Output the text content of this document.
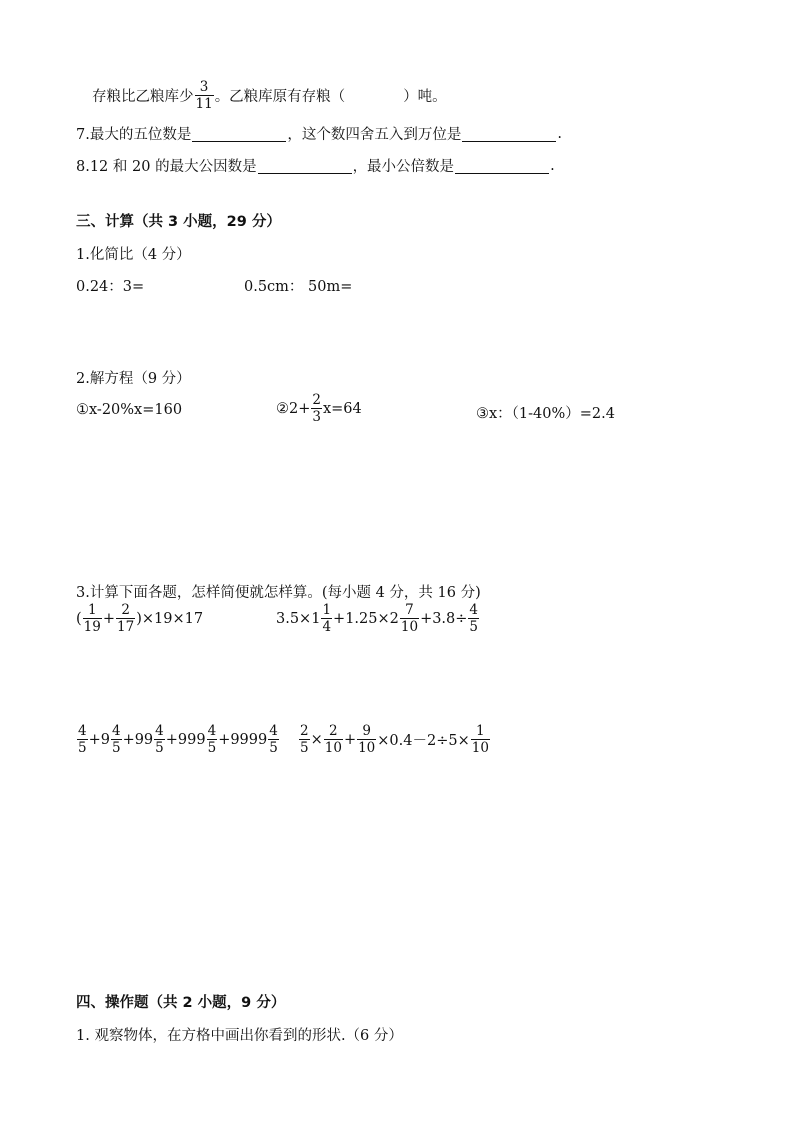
存粮比乙粮库少 $\frac{3}{11}$ 。乙粮库原有存粮（	）吨。
7.最大的五位数是	，这个数四舍五入到万位是	.
8.12 和 20 的最大公因数是	，最小公倍数是	.
三、计算（共 3 小题，29 分）
1.化简比（4 分）
0.24：3=	0.5cm： 50m=
2.解方程（9 分）
①x-20%x=160	②2+ $\frac{2}{3} x=64$	③x：（1-40%）=2.4
3.计算下面各题，怎样简便就怎样算。(每小题 4 分，共 16 分)
( $\frac{1}{19} + \frac{2}{17} )\times 19\times 17$	$3.5\times 1 \frac{1}{4} +1.25\times 2 \frac{7}{10} +3.8\div \frac{4}{5}$
$\frac{4}{5} +9 \frac{4}{5} +99 \frac{4}{5} +999 \frac{4}{5} +9999 \frac{4}{5} \frac{2}{5} \times \frac{2}{10} + \frac{9}{10} \times 0.4-2\div 5\times \frac{1}{10}$
四、操作题（共 2 小题，9 分）
1. 观察物体，在方格中画出你看到的形状.（6 分）
